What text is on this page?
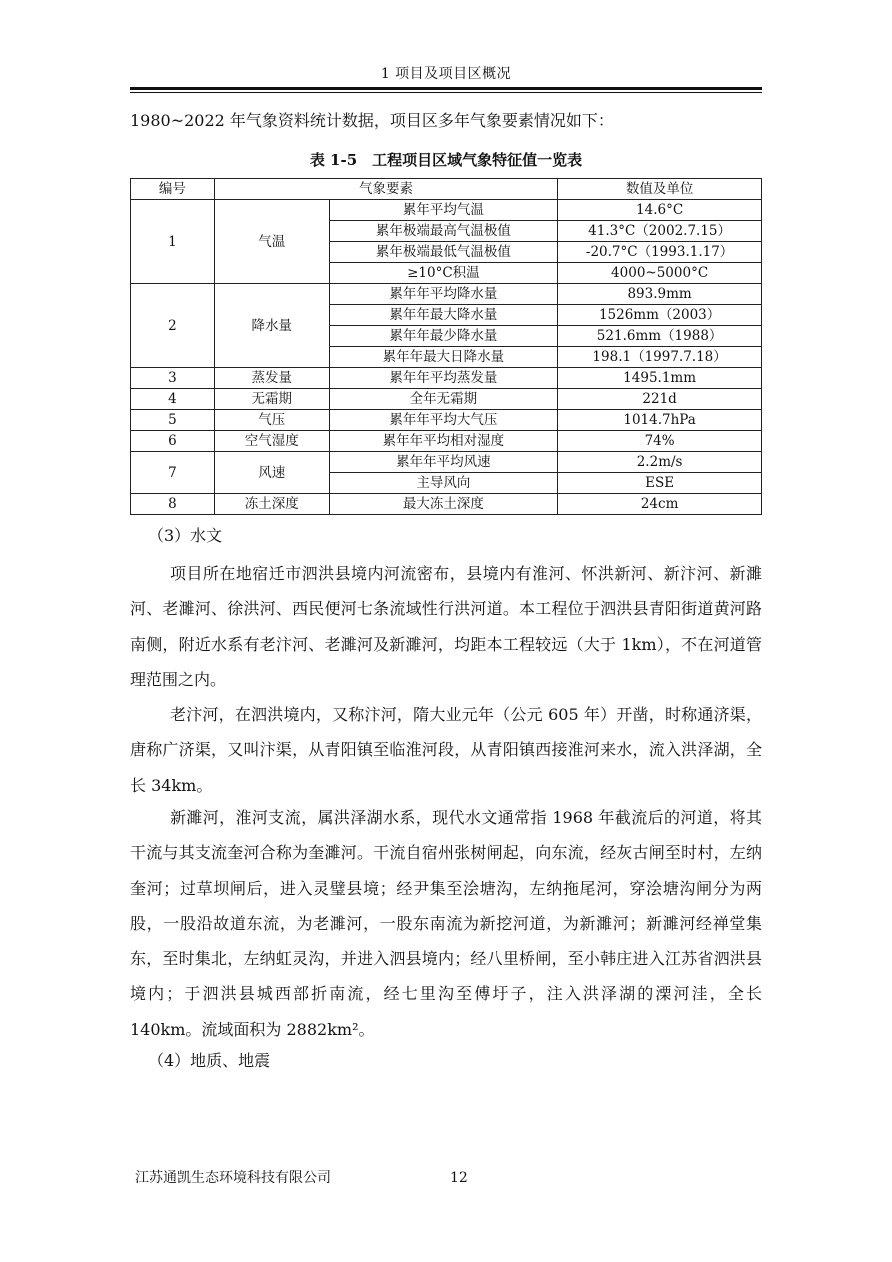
1 项目及项目区概况
1980~2022 年气象资料统计数据，项目区多年气象要素情况如下：
表 1-5　工程项目区域气象特征值一览表
编号	气象要素		数值及单位
1	气温	累年平均气温	14.6°C
		累年极端最高气温极值	41.3°C（2002.7.15）
		累年极端最低气温极值	-20.7°C（1993.1.17）
		≥10°C积温	4000~5000°C
2	降水量	累年年平均降水量	893.9mm
		累年年最大降水量	1526mm（2003）
		累年年最少降水量	521.6mm（1988）
		累年年最大日降水量	198.1（1997.7.18）
3	蒸发量	累年年平均蒸发量	1495.1mm
4	无霜期	全年无霜期	221d
5	气压	累年年平均大气压	1014.7hPa
6	空气湿度	累年年平均相对湿度	74%
7	风速	累年年平均风速	2.2m/s
		主导风向	ESE
8	冻土深度	最大冻土深度	24cm
（3）水文
项目所在地宿迁市泗洪县境内河流密布，县境内有淮河、怀洪新河、新汴河、新濉河、老濉河、徐洪河、西民便河七条流域性行洪河道。本工程位于泗洪县青阳街道黄河路南侧，附近水系有老汴河、老濉河及新濉河，均距本工程较远（大于 1km），不在河道管理范围之内。
老汴河，在泗洪境内，又称汴河，隋大业元年（公元 605 年）开凿，时称通济渠，唐称广济渠，又叫汴渠，从青阳镇至临淮河段，从青阳镇西接淮河来水，流入洪泽湖，全长 34km。
新濉河，淮河支流，属洪泽湖水系，现代水文通常指 1968 年截流后的河道，将其干流与其支流奎河合称为奎濉河。干流自宿州张树闸起，向东流，经灰古闸至时村，左纳奎河；过草坝闸后，进入灵璧县境；经尹集至浍塘沟，左纳拖尾河，穿浍塘沟闸分为两股，一股沿故道东流，为老濉河，一股东南流为新挖河道，为新濉河；新濉河经禅堂集东，至时集北，左纳虹灵沟，并进入泗县境内；经八里桥闸，至小韩庄进入江苏省泗洪县境内；于泗洪县城西部折南流，经七里沟至傅圩子，注入洪泽湖的溧河洼，全长 140km。流域面积为 2882km²。
（4）地质、地震
江苏通凯生态环境科技有限公司	12
